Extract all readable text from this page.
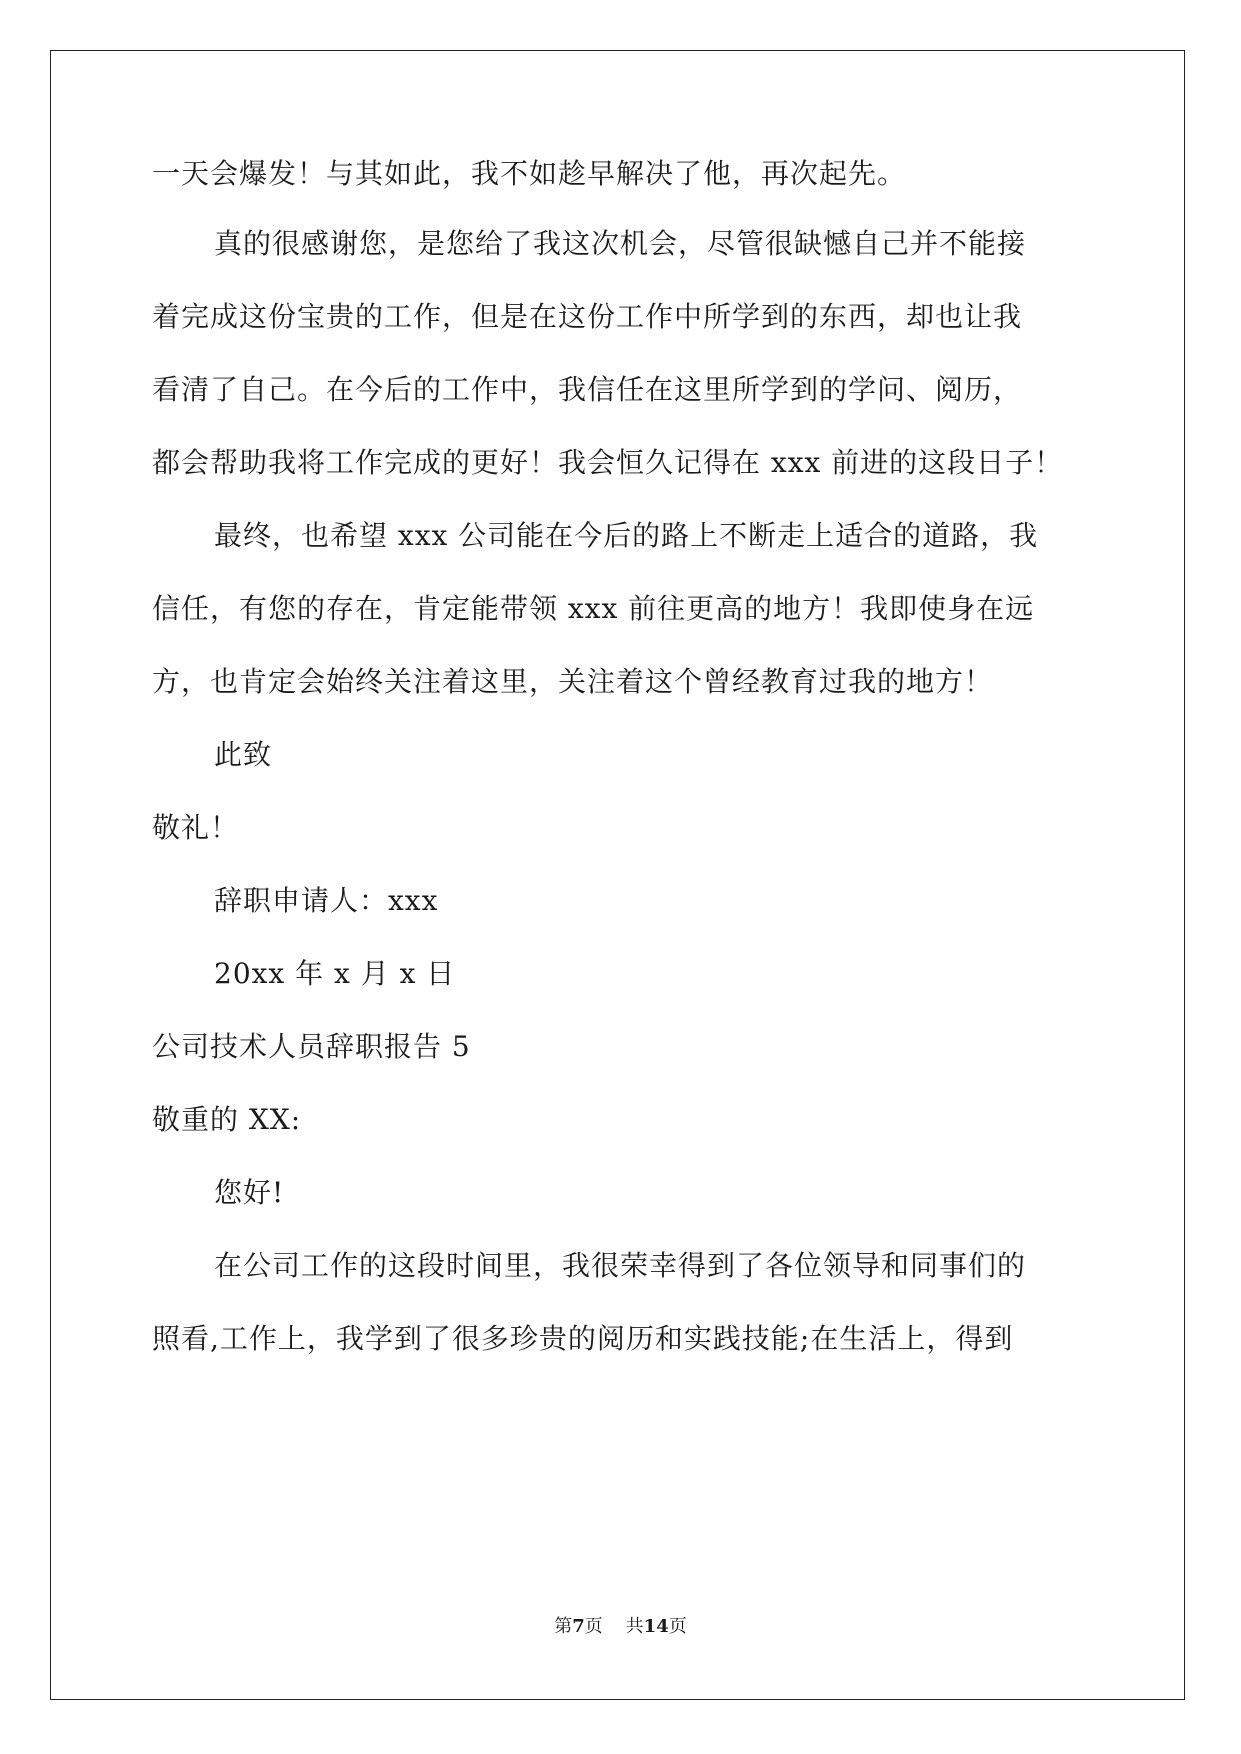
一天会爆发！与其如此，我不如趁早解决了他，再次起先。
真的很感谢您，是您给了我这次机会，尽管很缺憾自己并不能接
着完成这份宝贵的工作，但是在这份工作中所学到的东西，却也让我
看清了自己。在今后的工作中，我信任在这里所学到的学问、阅历，
都会帮助我将工作完成的更好！我会恒久记得在 xxx 前进的这段日子！
最终，也希望 xxx 公司能在今后的路上不断走上适合的道路，我
信任，有您的存在，肯定能带领 xxx 前往更高的地方！我即使身在远
方，也肯定会始终关注着这里，关注着这个曾经教育过我的地方！
此致
敬礼！
辞职申请人：xxx
20xx 年 x 月 x 日
公司技术人员辞职报告 5
敬重的 XX:
您好!
在公司工作的这段时间里，我很荣幸得到了各位领导和同事们的
照看,工作上，我学到了很多珍贵的阅历和实践技能;在生活上，得到
第7页 共14页
